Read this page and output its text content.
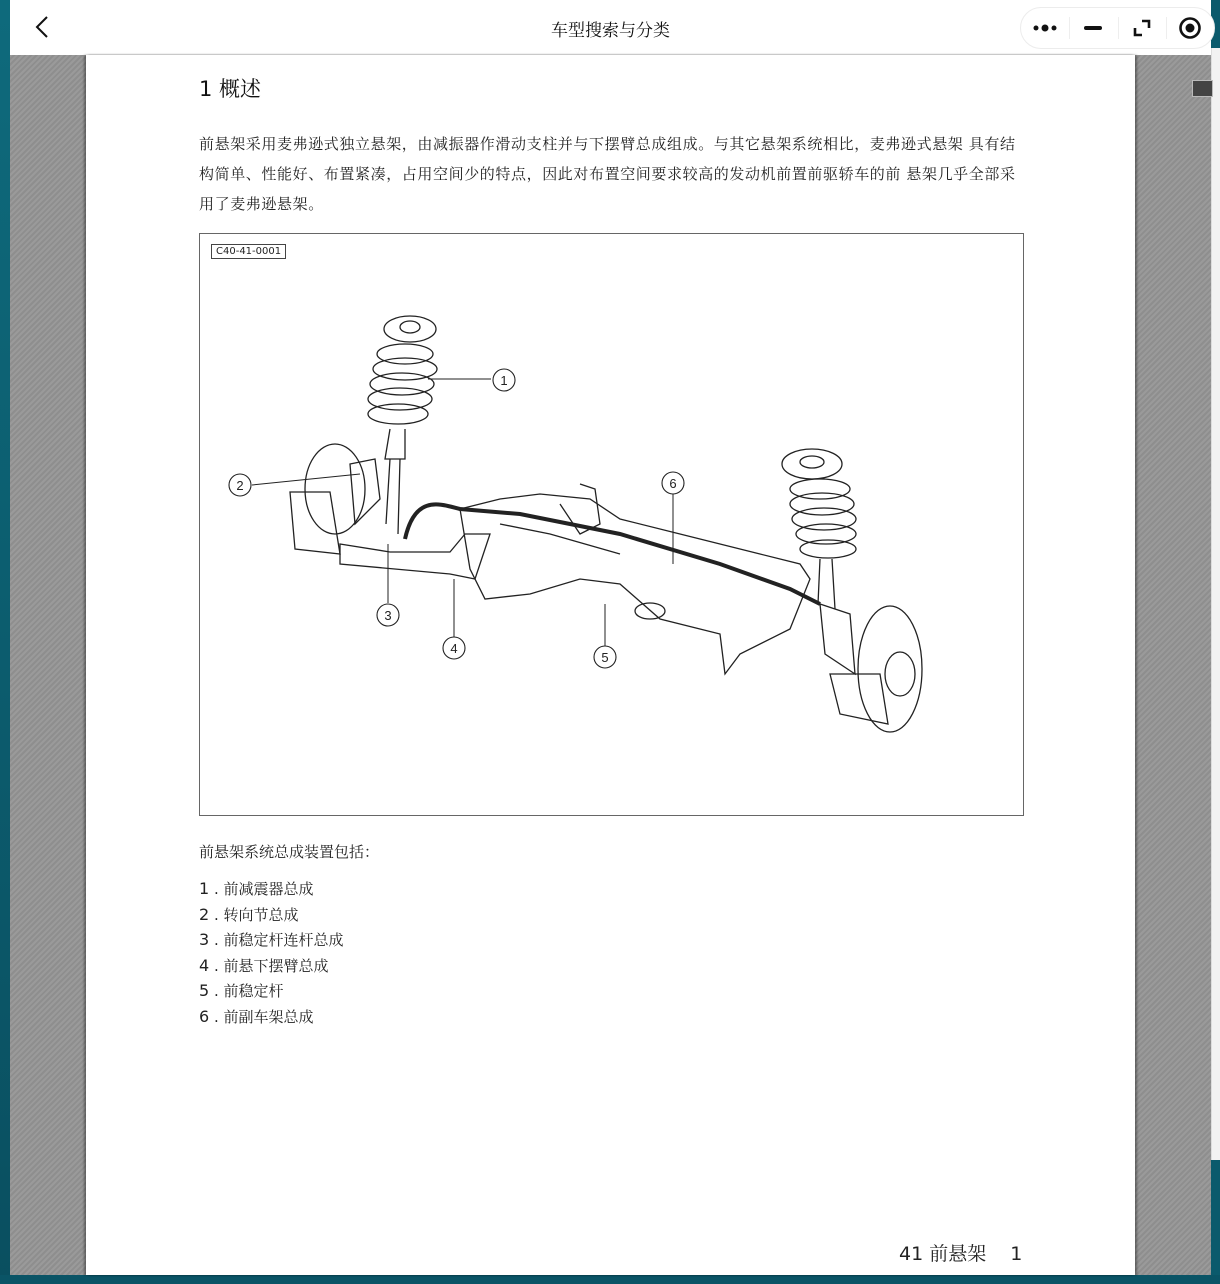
车型搜索与分类
1 概述
前悬架采用麦弗逊式独立悬架，由减振器作滑动支柱并与下摆臂总成组成。与其它悬架系统相比，麦弗逊式悬架 具有结构简单、性能好、布置紧凑，占用空间少的特点，因此对布置空间要求较高的发动机前置前驱轿车的前 悬架几乎全部采用了麦弗逊悬架。
1
2
3
4
5
6
C40-41-0001
前悬架系统总成装置包括：
1 . 前减震器总成
2 . 转向节总成
3 . 前稳定杆连杆总成
4 . 前悬下摆臂总成
5 . 前稳定杆
6 . 前副车架总成
41 前悬架 1
